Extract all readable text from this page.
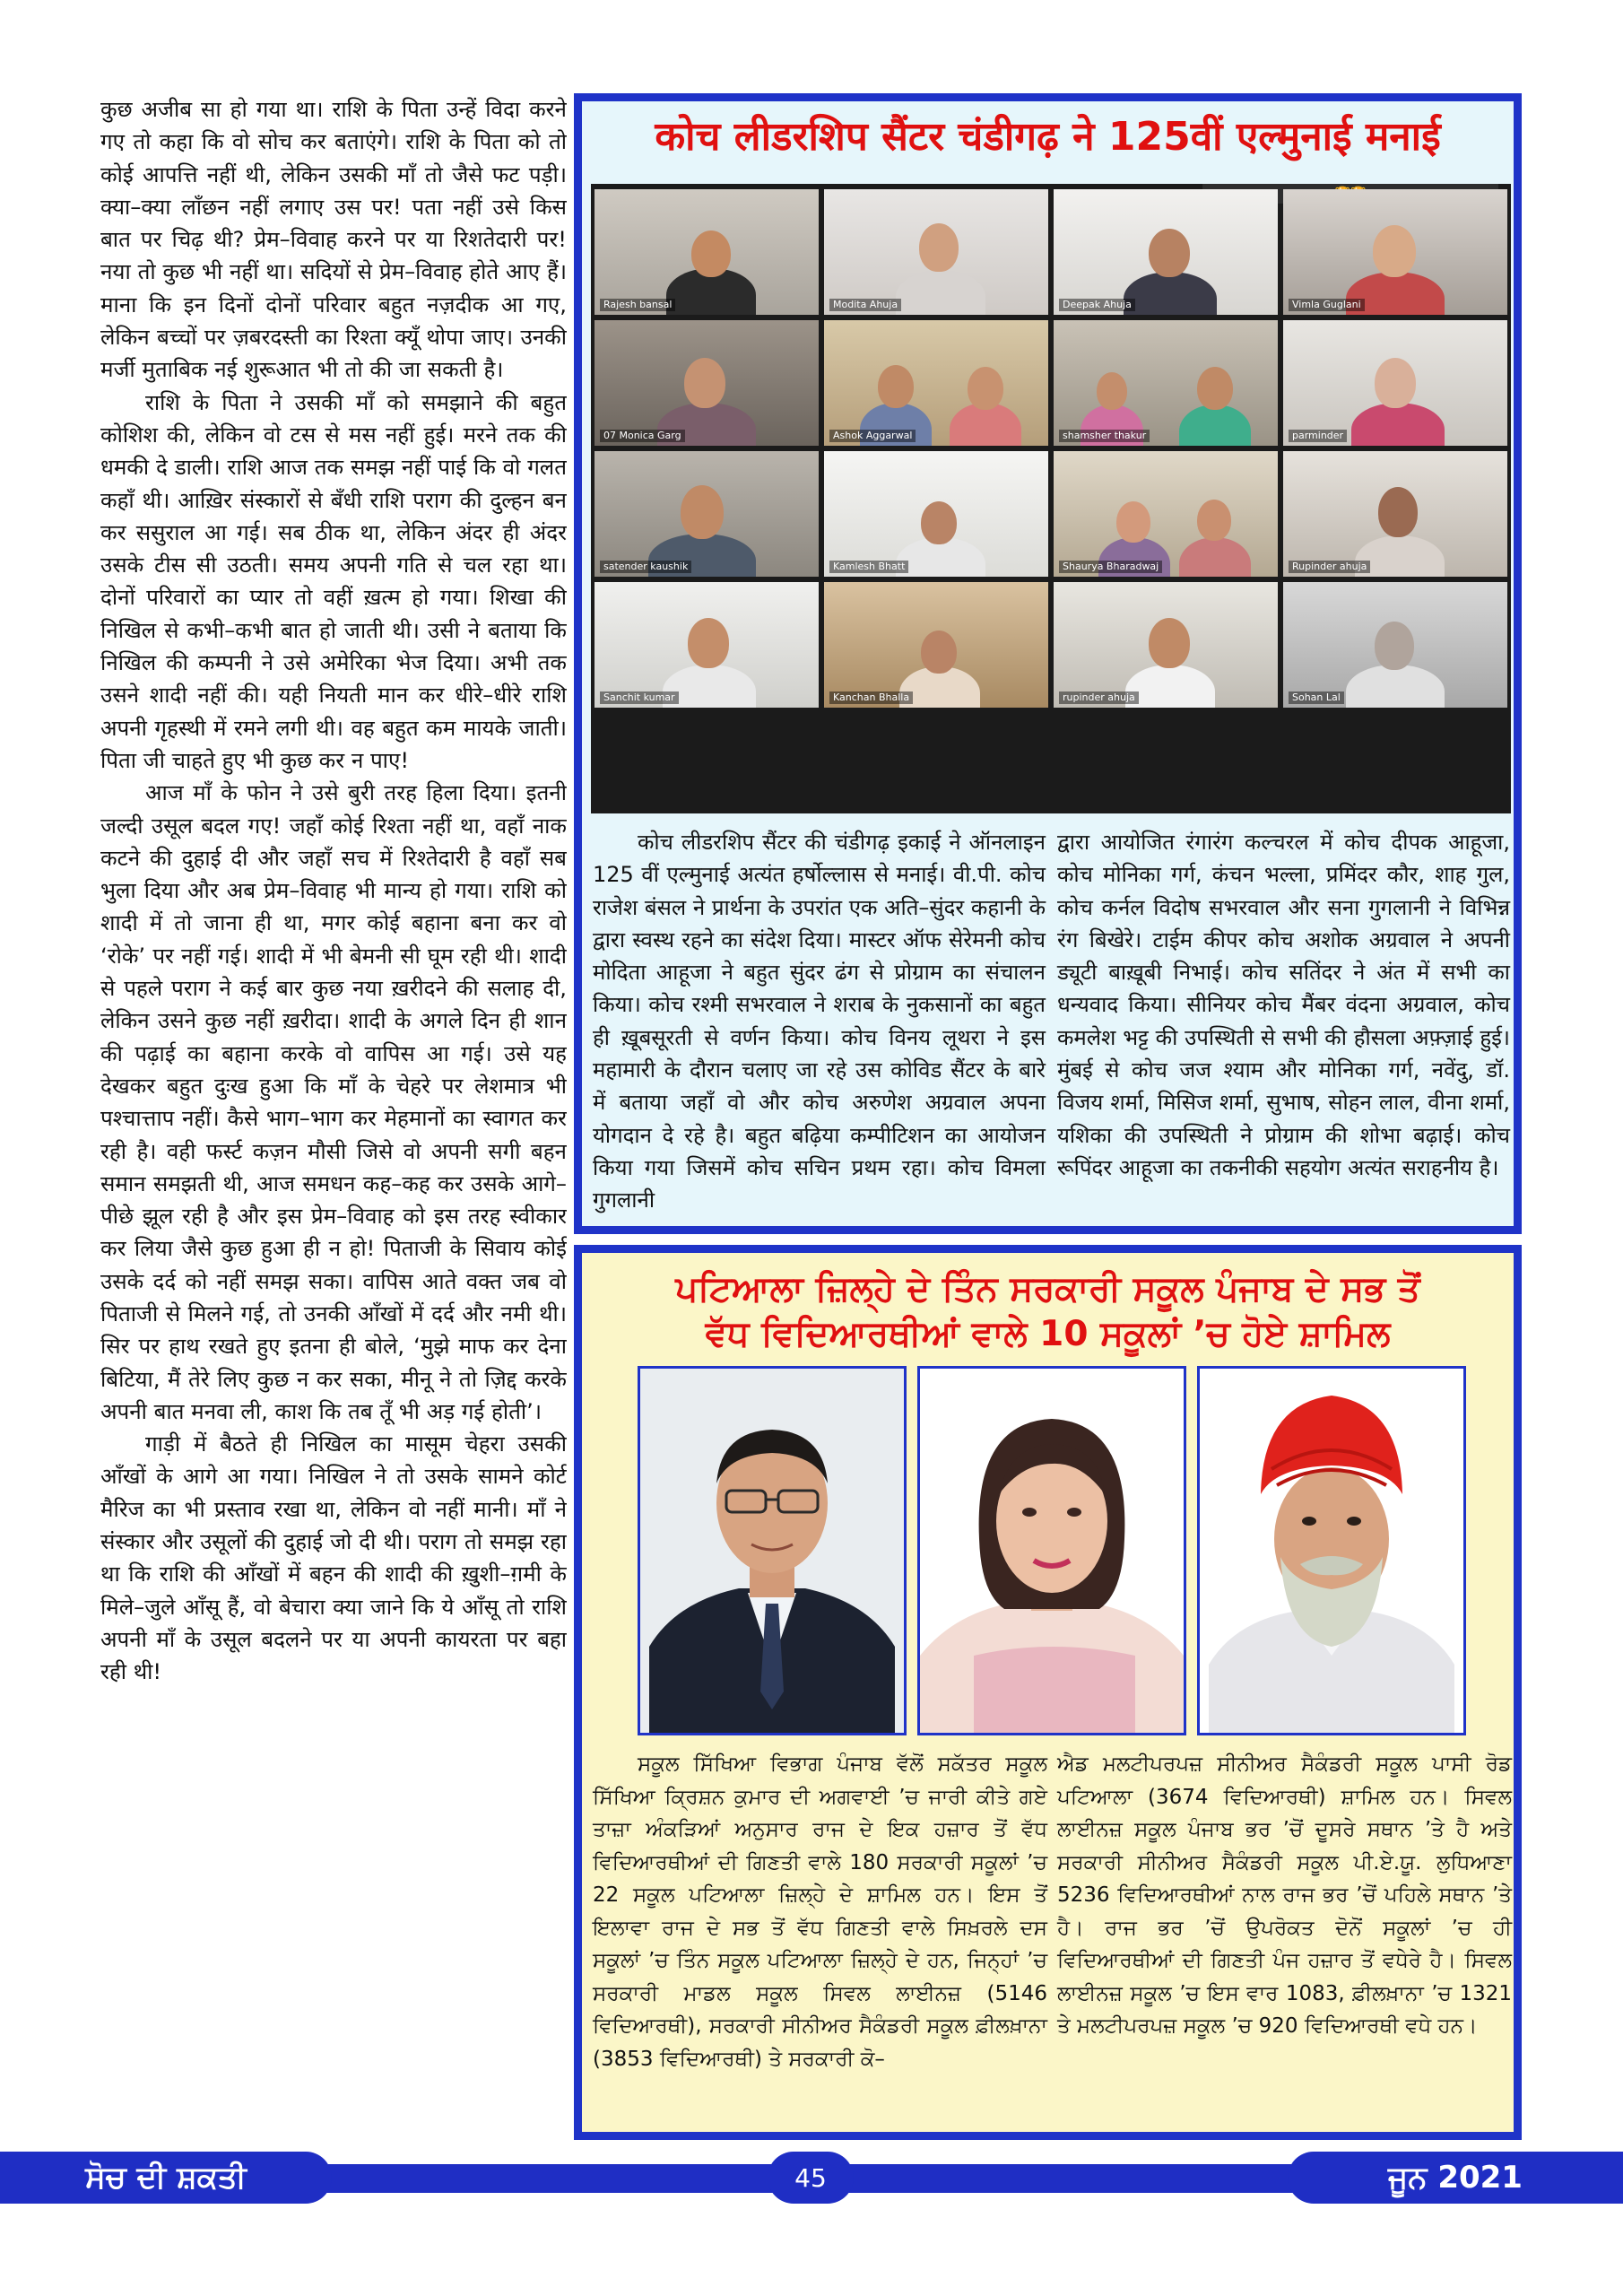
कुछ अजीब सा हो गया था। राशि के पिता उन्हें विदा करने गए तो कहा कि वो सोच कर बताएंगे। राशि के पिता को तो कोई आपत्ति नहीं थी, लेकिन उसकी माँ तो जैसे फट पड़ी। क्या–क्या लाँछन नहीं लगाए उस पर! पता नहीं उसे किस बात पर चिढ़ थी? प्रेम–विवाह करने पर या रिशतेदारी पर! नया तो कुछ भी नहीं था। सदियों से प्रेम–विवाह होते आए हैं। माना कि इन दिनों दोनों परिवार बहुत नज़दीक आ गए, लेकिन बच्चों पर ज़बरदस्ती का रिश्ता क्यूँ थोपा जाए। उनकी मर्जी मुताबिक नई शुरूआत भी तो की जा सकती है।

राशि के पिता ने उसकी माँ को समझाने की बहुत कोशिश की, लेकिन वो टस से मस नहीं हुई। मरने तक की धमकी दे डाली। राशि आज तक समझ नहीं पाई कि वो गलत कहाँ थी। आख़िर संस्कारों से बँधी राशि पराग की दुल्हन बन कर ससुराल आ गई। सब ठीक था, लेकिन अंदर ही अंदर उसके टीस सी उठती। समय अपनी गति से चल रहा था। दोनों परिवारों का प्यार तो वहीं ख़त्म हो गया। शिखा की निखिल से कभी–कभी बात हो जाती थी। उसी ने बताया कि निखिल की कम्पनी ने उसे अमेरिका भेज दिया। अभी तक उसने शादी नहीं की। यही नियती मान कर धीरे–धीरे राशि अपनी गृहस्थी में रमने लगी थी। वह बहुत कम मायके जाती। पिता जी चाहते हुए भी कुछ कर न पाए!

आज माँ के फोन ने उसे बुरी तरह हिला दिया। इतनी जल्दी उसूल बदल गए! जहाँ कोई रिश्ता नहीं था, वहाँ नाक कटने की दुहाई दी और जहाँ सच में रिश्तेदारी है वहाँ सब भुला दिया और अब प्रेम–विवाह भी मान्य हो गया। राशि को शादी में तो जाना ही था, मगर कोई बहाना बना कर वो ‘रोके’ पर नहीं गई। शादी में भी बेमनी सी घूम रही थी। शादी से पहले पराग ने कई बार कुछ नया ख़रीदने की सलाह दी, लेकिन उसने कुछ नहीं ख़रीदा। शादी के अगले दिन ही शान की पढ़ाई का बहाना करके वो वापिस आ गई। उसे यह देखकर बहुत दुःख हुआ कि माँ के चेहरे पर लेशमात्र भी पश्चात्ताप नहीं। कैसे भाग–भाग कर मेहमानों का स्वागत कर रही है। वही फर्स्ट कज़न मौसी जिसे वो अपनी सगी बहन समान समझती थी, आज समधन कह–कह कर उसके आगे–पीछे झूल रही है और इस प्रेम–विवाह को इस तरह स्वीकार कर लिया जैसे कुछ हुआ ही न हो! पिताजी के सिवाय कोई उसके दर्द को नहीं समझ सका। वापिस आते वक्त जब वो पिताजी से मिलने गई, तो उनकी आँखों में दर्द और नमी थी। सिर पर हाथ रखते हुए इतना ही बोले, ‘मुझे माफ कर देना बिटिया, मैं तेरे लिए कुछ न कर सका, मीनू ने तो ज़िद्द करके अपनी बात मनवा ली, काश कि तब तूँ भी अड़ गई होती’।

गाड़ी में बैठते ही निखिल का मासूम चेहरा उसकी आँखों के आगे आ गया। निखिल ने तो उसके सामने कोर्ट मैरिज का भी प्रस्ताव रखा था, लेकिन वो नहीं मानी। माँ ने संस्कार और उसूलों की दुहाई जो दी थी। पराग तो समझ रहा था कि राशि की आँखों में बहन की शादी की ख़ुशी–ग़मी के मिले–जुले आँसू हैं, वो बेचारा क्या जाने कि ये आँसू तो राशि अपनी माँ के उसूल बदलने पर या अपनी कायरता पर बहा रही थी!

कोच लीडरशिप सैंटर चंडीगढ़ ने 125वीं एल्मुनाई मनाई
Rajesh bansal	Modita Ahuja	Deepak Ahuja	Vimla Guglani
07 Monica Garg	Ashok Aggarwal	shamsher thakur	parminder
satender kaushik	Kamlesh Bhatt	Shaurya Bharadwaj	Rupinder ahuja
Sanchit kumar	Kanchan Bhalla	rupinder ahuja	Sohan Lal

कोच लीडरशिप सैंटर की चंडीगढ़ इकाई ने ऑनलाइन 125 वीं एल्मुनाई अत्यंत हर्षोल्लास से मनाई। वी.पी. कोच राजेश बंसल ने प्रार्थना के उपरांत एक अति–सुंदर कहानी के द्वारा स्वस्थ रहने का संदेश दिया। मास्टर ऑफ सेरेमनी कोच मोदिता आहूजा ने बहुत सुंदर ढंग से प्रोग्राम का संचालन किया। कोच रश्मी सभरवाल ने शराब के नुकसानों का बहुत ही ख़ूबसूरती से वर्णन किया। कोच विनय लूथरा ने इस महामारी के दौरान चलाए जा रहे उस कोविड सैंटर के बारे में बताया जहाँ वो और कोच अरुणेश अग्रवाल अपना योगदान दे रहे है। बहुत बढ़िया कम्पीटिशन का आयोजन किया गया जिसमें कोच सचिन प्रथम रहा। कोच विमला गुगलानी

द्वारा आयोजित रंगारंग कल्चरल में कोच दीपक आहूजा, कोच मोनिका गर्ग, कंचन भल्ला, प्रमिंदर कौर, शाह गुल, कोच कर्नल विदोष सभरवाल और सना गुगलानी ने विभिन्न रंग बिखेरे। टाईम कीपर कोच अशोक अग्रवाल ने अपनी ड्यूटी बाख़ूबी निभाई। कोच सतिंदर ने अंत में सभी का धन्यवाद किया। सीनियर कोच मैंबर वंदना अग्रवाल, कोच कमलेश भट्ट की उपस्थिती से सभी की हौसला अफ़्ज़ाई हुई। मुंबई से कोच जज श्याम और मोनिका गर्ग, नवेंदु, डॉ. विजय शर्मा, मिसिज शर्मा, सुभाष, सोहन लाल, वीना शर्मा, यशिका की उपस्थिती ने प्रोग्राम की शोभा बढ़ाई। कोच रूपिंदर आहूजा का तकनीकी सहयोग अत्यंत सराहनीय है।

ਪਟਿਆਲਾ ਜ਼ਿਲ੍ਹੇ ਦੇ ਤਿੰਨ ਸਰਕਾਰੀ ਸਕੂਲ ਪੰਜਾਬ ਦੇ ਸਭ ਤੋਂ
ਵੱਧ ਵਿਦਿਆਰਥੀਆਂ ਵਾਲੇ 10 ਸਕੂਲਾਂ ’ਚ ਹੋਏ ਸ਼ਾਮਿਲ

ਸਕੂਲ ਸਿੱਖਿਆ ਵਿਭਾਗ ਪੰਜਾਬ ਵੱਲੋਂ ਸਕੱਤਰ ਸਕੂਲ ਸਿੱਖਿਆ ਕ੍ਰਿਸ਼ਨ ਕੁਮਾਰ ਦੀ ਅਗਵਾਈ ’ਚ ਜਾਰੀ ਕੀਤੇ ਗਏ ਤਾਜ਼ਾ ਅੰਕੜਿਆਂ ਅਨੁਸਾਰ ਰਾਜ ਦੇ ਇਕ ਹਜ਼ਾਰ ਤੋਂ ਵੱਧ ਵਿਦਿਆਰਥੀਆਂ ਦੀ ਗਿਣਤੀ ਵਾਲੇ 180 ਸਰਕਾਰੀ ਸਕੂਲਾਂ ’ਚ 22 ਸਕੂਲ ਪਟਿਆਲਾ ਜ਼ਿਲ੍ਹੇ ਦੇ ਸ਼ਾਮਿਲ ਹਨ। ਇਸ ਤੋਂ ਇਲਾਵਾ ਰਾਜ ਦੇ ਸਭ ਤੋਂ ਵੱਧ ਗਿਣਤੀ ਵਾਲੇ ਸਿਖ਼ਰਲੇ ਦਸ ਸਕੂਲਾਂ ’ਚ ਤਿੰਨ ਸਕੂਲ ਪਟਿਆਲਾ ਜ਼ਿਲ੍ਹੇ ਦੇ ਹਨ, ਜਿਨ੍ਹਾਂ ’ਚ ਸਰਕਾਰੀ ਮਾਡਲ ਸਕੂਲ ਸਿਵਲ ਲਾਈਨਜ਼ (5146 ਵਿਦਿਆਰਥੀ), ਸਰਕਾਰੀ ਸੀਨੀਅਰ ਸੈਕੰਡਰੀ ਸਕੂਲ ਫ਼ੀਲਖ਼ਾਨਾ (3853 ਵਿਦਿਆਰਥੀ) ਤੇ ਸਰਕਾਰੀ ਕੋ–

ਐਡ ਮਲਟੀਪਰਪਜ਼ ਸੀਨੀਅਰ ਸੈਕੰਡਰੀ ਸਕੂਲ ਪਾਸੀ ਰੋਡ ਪਟਿਆਲਾ (3674 ਵਿਦਿਆਰਥੀ) ਸ਼ਾਮਿਲ ਹਨ। ਸਿਵਲ ਲਾਈਨਜ਼ ਸਕੂਲ ਪੰਜਾਬ ਭਰ ’ਚੋਂ ਦੂਸਰੇ ਸਥਾਨ ’ਤੇ ਹੈ ਅਤੇ ਸਰਕਾਰੀ ਸੀਨੀਅਰ ਸੈਕੰਡਰੀ ਸਕੂਲ ਪੀ.ਏ.ਯੂ. ਲੁਧਿਆਣਾ 5236 ਵਿਦਿਆਰਥੀਆਂ ਨਾਲ ਰਾਜ ਭਰ ’ਚੋਂ ਪਹਿਲੇ ਸਥਾਨ ’ਤੇ ਹੈ। ਰਾਜ ਭਰ ’ਚੋਂ ਉਪਰੋਕਤ ਦੋਨੋਂ ਸਕੂਲਾਂ ’ਚ ਹੀ ਵਿਦਿਆਰਥੀਆਂ ਦੀ ਗਿਣਤੀ ਪੰਜ ਹਜ਼ਾਰ ਤੋਂ ਵਧੇਰੇ ਹੈ। ਸਿਵਲ ਲਾਈਨਜ਼ ਸਕੂਲ ’ਚ ਇਸ ਵਾਰ 1083, ਫ਼ੀਲਖ਼ਾਨਾ ’ਚ 1321 ਤੇ ਮਲਟੀਪਰਪਜ਼ ਸਕੂਲ ’ਚ 920 ਵਿਦਿਆਰਥੀ ਵਧੇ ਹਨ।

ਸੋਚ ਦੀ ਸ਼ਕਤੀ	45	ਜੂਨ 2021
